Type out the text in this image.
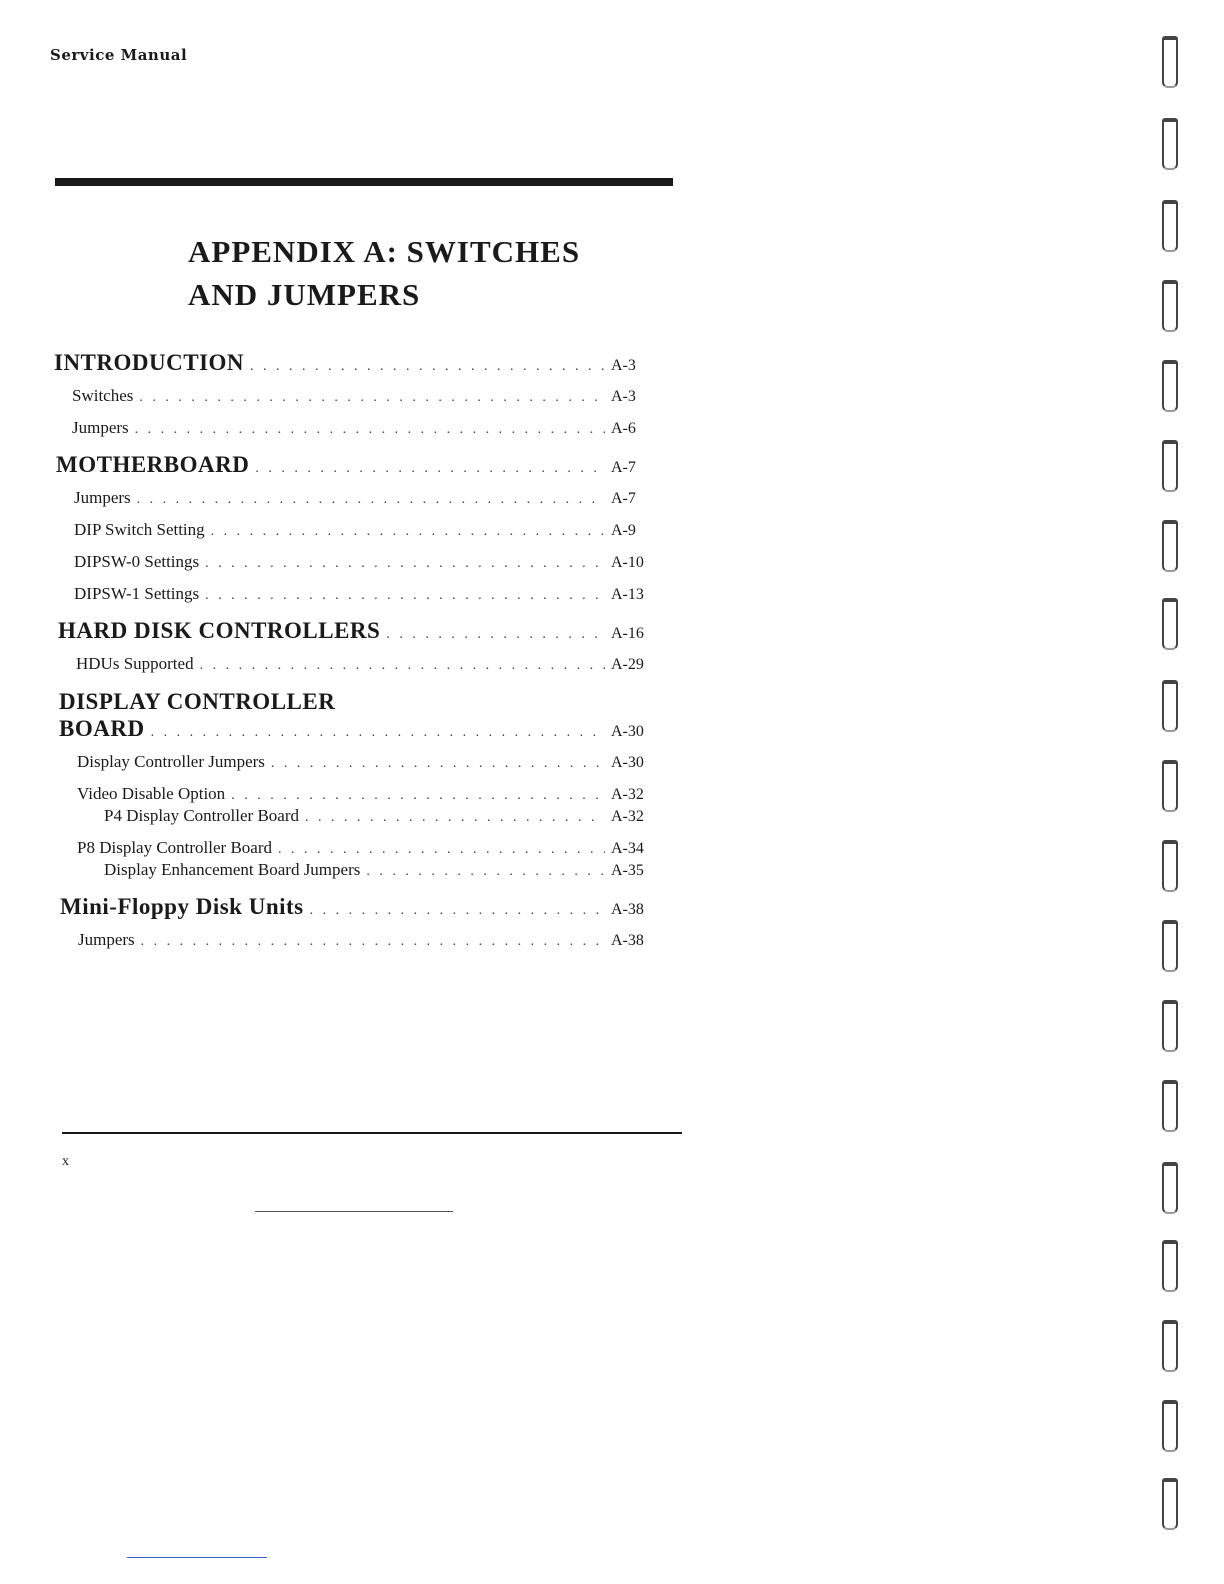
Service Manual
APPENDIX A: SWITCHES
AND JUMPERS
INTRODUCTION . . .	A-3
Switches . . .	A-3
Jumpers . . .	A-6
MOTHERBOARD . . .	A-7
Jumpers . . .	A-7
DIP Switch Setting . . .	A-9
DIPSW-0 Settings . . .	A-10
DIPSW-1 Settings . . .	A-13
HARD DISK CONTROLLERS . . .	A-16
HDUs Supported . . .	A-29
DISPLAY CONTROLLER
BOARD . . .	A-30
Display Controller Jumpers . . .	A-30
Video Disable Option . . .	A-32
P4 Display Controller Board . . .	A-32
P8 Display Controller Board . . .	A-34
Display Enhancement Board Jumpers . . .	A-35
Mini-Floppy Disk Units . . .	A-38
Jumpers . . .	A-38
x
